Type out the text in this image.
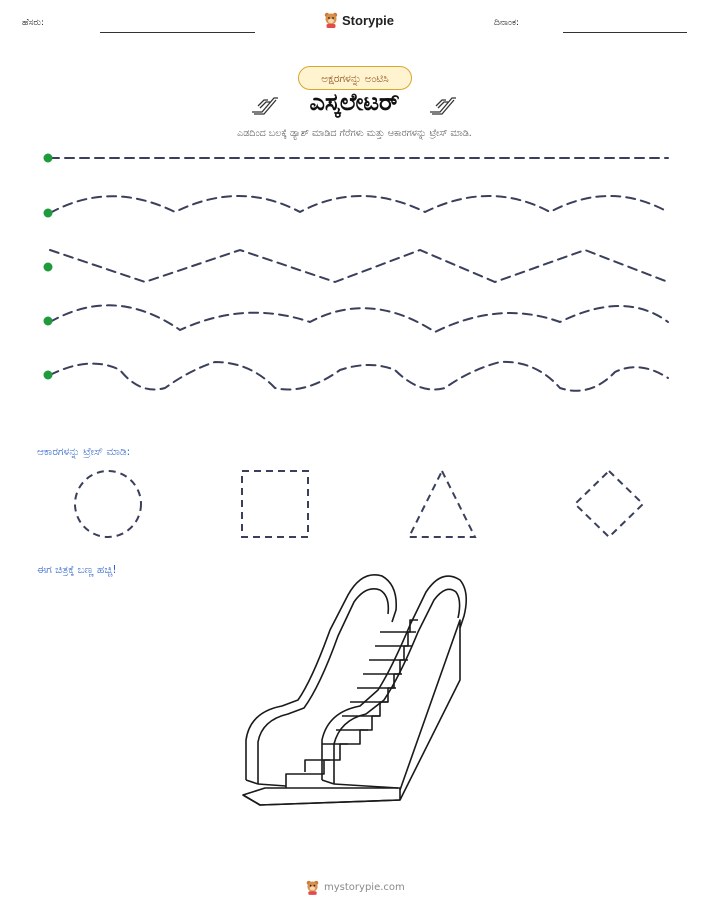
ಹೆಸರು:	Storypie	ದಿನಾಂಕ:
ಅಕ್ಷರಗಳನ್ನು ಅಂಟಿಸಿ
ಎಸ್ಕಲೇಟರ್
ಎಡದಿಂದ ಬಲಕ್ಕೆ ಡ್ಯಾಶ್ ಮಾಡಿದ ಗೆರೆಗಳು ಮತ್ತು ಆಕಾರಗಳನ್ನು ಟ್ರೇಸ್ ಮಾಡಿ.
ಆಕಾರಗಳನ್ನು ಟ್ರೇಸ್ ಮಾಡಿ:
ಈಗ ಚಿತ್ರಕ್ಕೆ ಬಣ್ಣ ಹಚ್ಚಿ!
mystorypie.com
